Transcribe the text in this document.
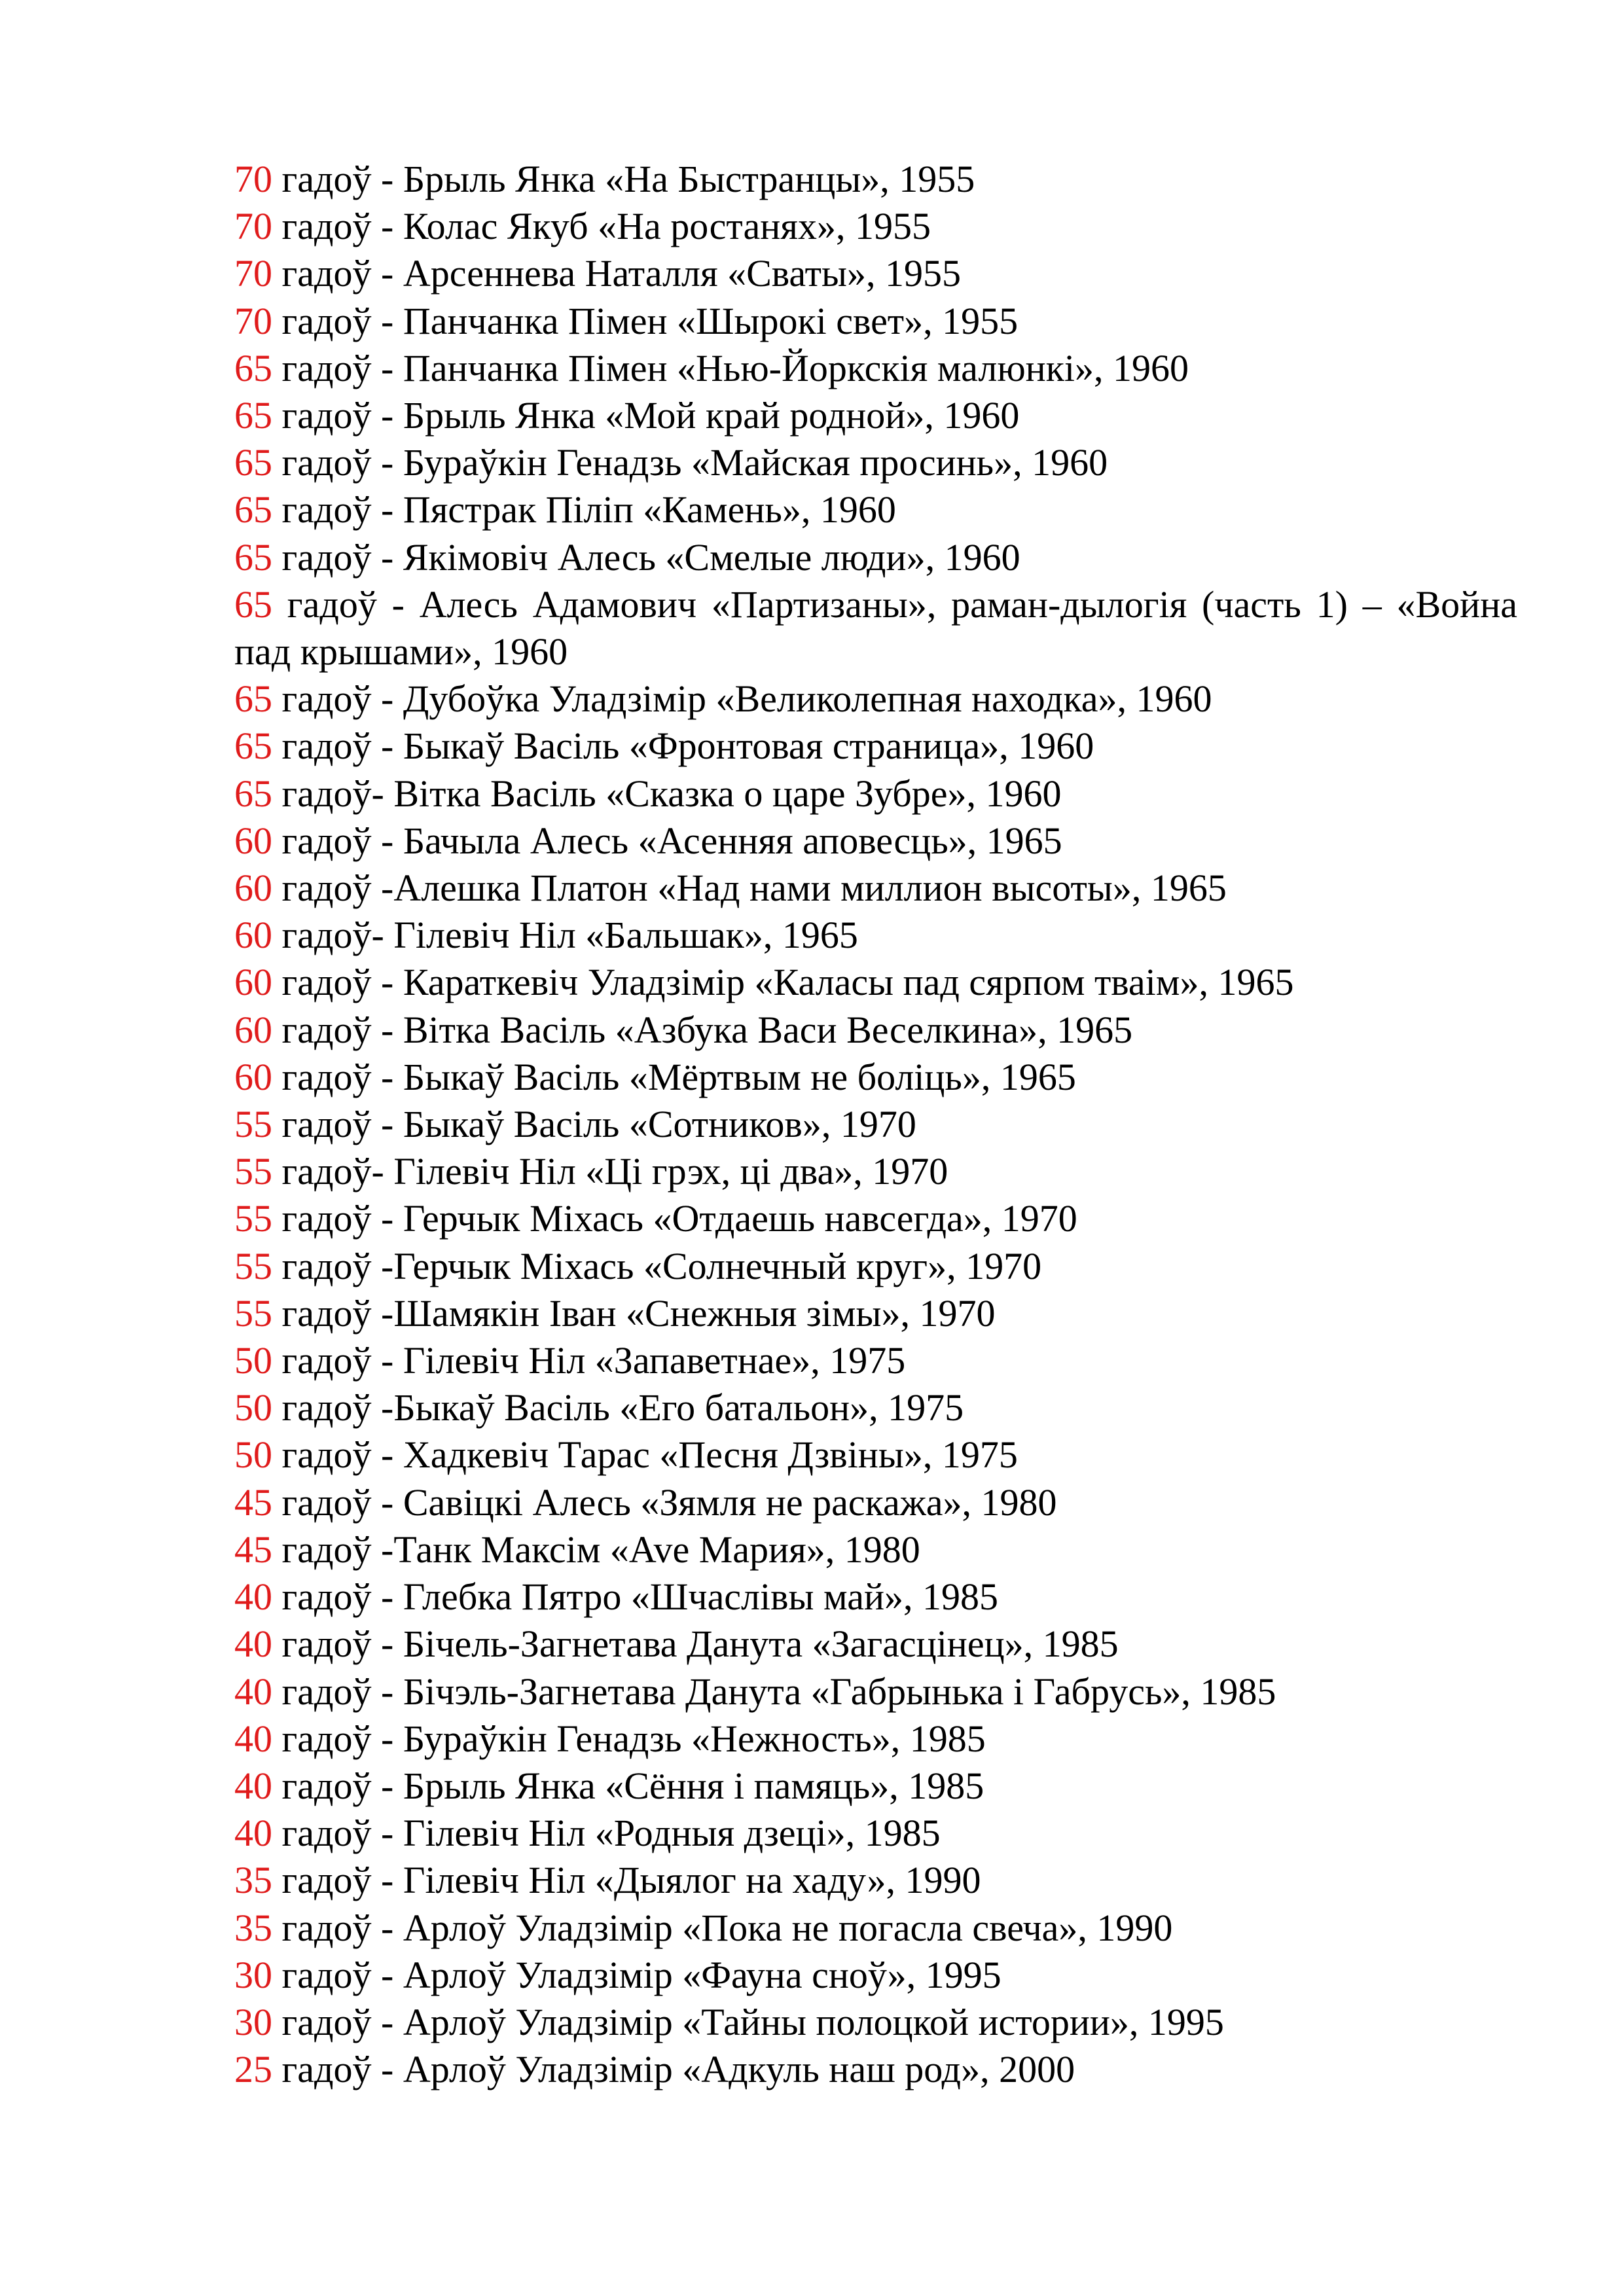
70 гадоў - Брыль Янка «На Быстранцы», 1955
70 гадоў - Колас Якуб «На ростанях», 1955
70 гадоў - Арсеннева Наталля «Сваты», 1955
70 гадоў - Панчанка Пімен «Шырокі свет», 1955
65 гадоў - Панчанка Пімен «Нью-Йоркскія малюнкі», 1960
65 гадоў - Брыль Янка «Мой край родной», 1960
65 гадоў - Бураўкін Генадзь «Майская просинь», 1960
65 гадоў - Пястрак Піліп «Камень», 1960
65 гадоў - Якімовіч Алесь «Смелые люди», 1960
65 гадоў - Алесь Адамович «Партизаны», раман-дылогія (часть 1) – «Война пад крышами», 1960
65 гадоў - Дубоўка Уладзімір «Великолепная находка», 1960
65 гадоў - Быкаў Васіль «Фронтовая страница», 1960
65 гадоў- Вітка Васіль «Сказка о царе Зубре», 1960
60 гадоў - Бачыла Алесь «Асенняя аповесць», 1965
60 гадоў -Алешка Платон «Над нами миллион высоты», 1965
60 гадоў- Гілевіч Ніл «Бальшак», 1965
60 гадоў - Караткевіч Уладзімір «Каласы пад сярпом тваім», 1965
60 гадоў - Вітка Васіль «Азбука Васи Веселкина», 1965
60 гадоў - Быкаў Васіль «Мёртвым не боліць», 1965
55 гадоў - Быкаў Васіль «Сотников», 1970
55 гадоў- Гілевіч Ніл «Ці грэх, ці два», 1970
55 гадоў - Герчык Міхась «Отдаешь навсегда», 1970
55 гадоў -Герчык Міхась «Солнечный круг», 1970
55 гадоў -Шамякін Іван «Снежныя зімы», 1970
50 гадоў - Гілевіч Ніл «Запаветнае», 1975
50 гадоў -Быкаў Васіль «Его батальон», 1975
50 гадоў - Хадкевіч Тарас «Песня Дзвіны», 1975
45 гадоў - Савіцкі Алесь «Зямля не раскажа», 1980
45 гадоў -Танк Максім «Ave Мария», 1980
40 гадоў - Глебка Пятро «Шчаслівы май», 1985
40 гадоў - Бічель-Загнетава Данута «Загасцінец», 1985
40 гадоў - Бічэль-Загнетава Данута «Габрынька і Габрусь», 1985
40 гадоў - Бураўкін Генадзь «Нежность», 1985
40 гадоў - Брыль Янка «Сёння і памяць», 1985
40 гадоў - Гілевіч Ніл «Родныя дзеці», 1985
35 гадоў - Гілевіч Ніл «Дыялог на хаду», 1990
35 гадоў - Арлоў Уладзімір «Пока не погасла свеча», 1990
30 гадоў - Арлоў Уладзімір «Фауна сноў», 1995
30 гадоў - Арлоў Уладзімір «Тайны полоцкой истории», 1995
25 гадоў - Арлоў Уладзімір «Адкуль наш род», 2000
